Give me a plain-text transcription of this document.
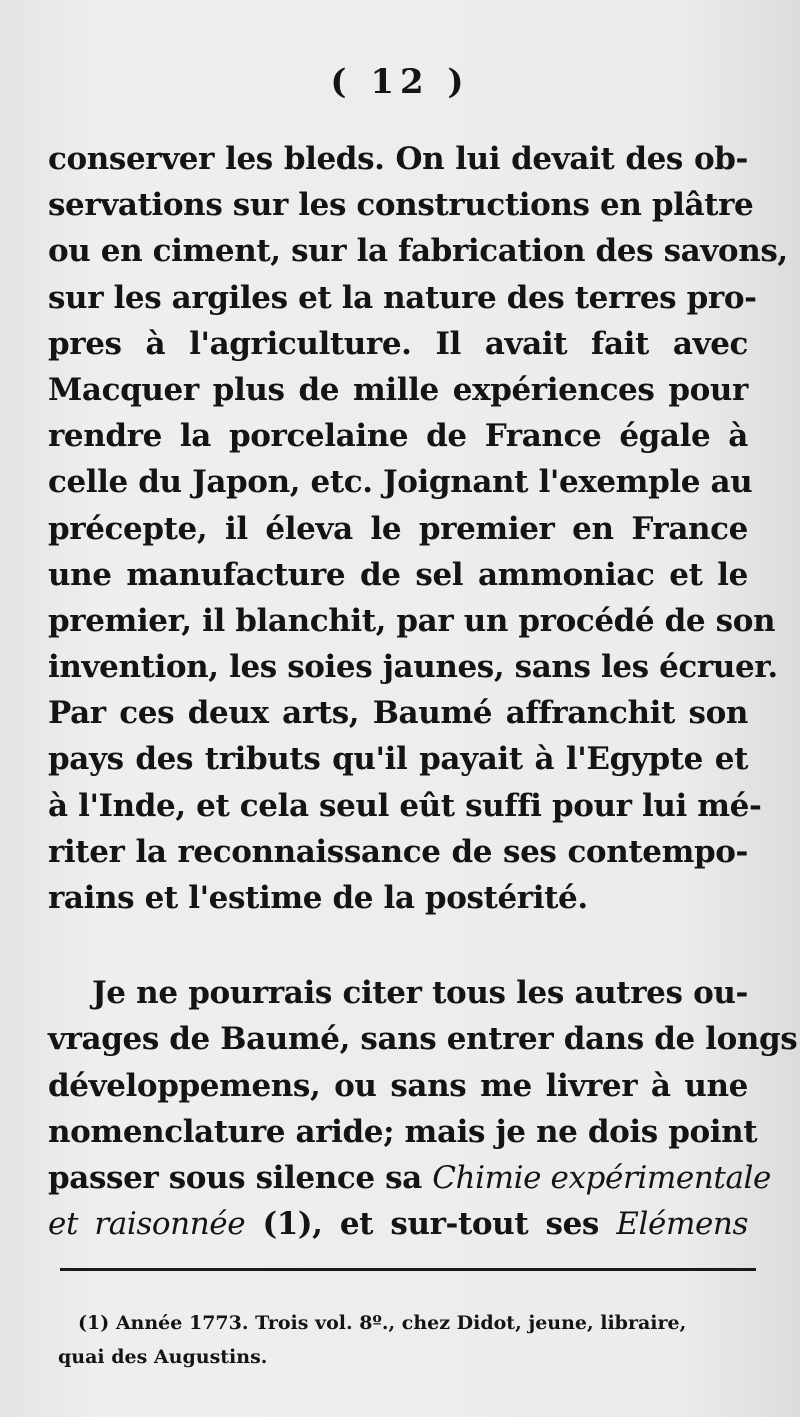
( 12 )
conserver les bleds. On lui devait des ob-
servations sur les constructions en plâtre
ou en ciment, sur la fabrication des savons,
sur les argiles et la nature des terres pro-
pres à l'agriculture. Il avait fait avec
Macquer plus de mille expériences pour
rendre la porcelaine de France égale à
celle du Japon, etc. Joignant l'exemple au
précepte, il éleva le premier en France
une manufacture de sel ammoniac et le
premier, il blanchit, par un procédé de son
invention, les soies jaunes, sans les écruer.
Par ces deux arts, Baumé affranchit son
pays des tributs qu'il payait à l'Egypte et
à l'Inde, et cela seul eût suffi pour lui mé-
riter la reconnaissance de ses contempo-
rains et l'estime de la postérité.
Je ne pourrais citer tous les autres ou-
vrages de Baumé, sans entrer dans de longs
développemens, ou sans me livrer à une
nomenclature aride; mais je ne dois point
passer sous silence sa Chimie expérimentale
et raisonnée (1), et sur-tout ses Elémens
(1) Année 1773. Trois vol. 8º., chez Didot, jeune, libraire,
quai des Augustins.
